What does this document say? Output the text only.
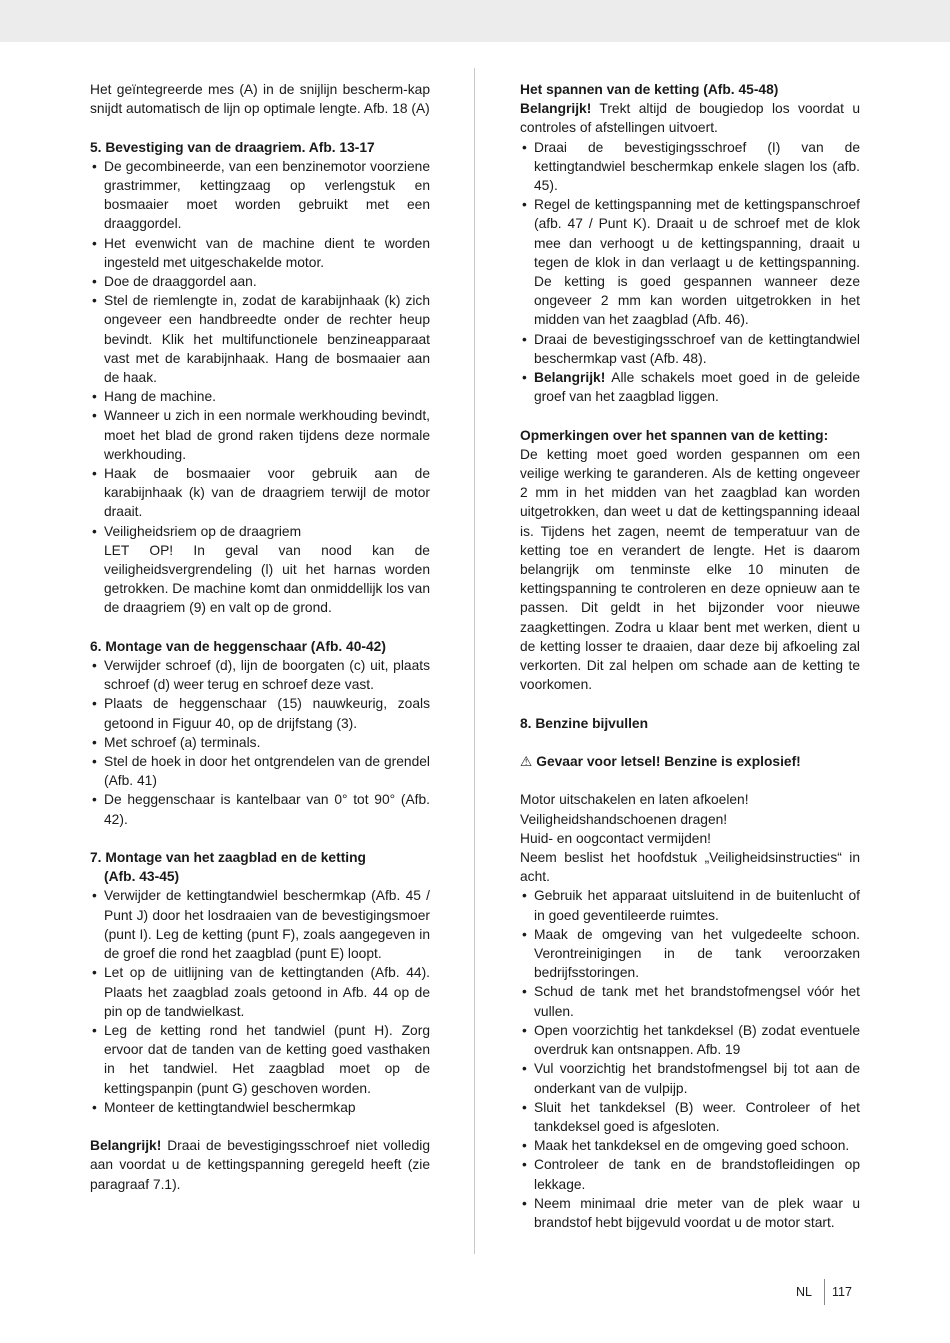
Het geïntegreerde mes (A) in de snijlijn bescherm-kap snijdt automatisch de lijn op optimale lengte. Afb. 18 (A)

5. Bevestiging van de draagriem. Afb. 13-17
• De gecombineerde, van een benzinemotor voorziene grastrimmer, kettingzaag op verlengstuk en bosmaaier moet worden gebruikt met een draaggordel.
• Het evenwicht van de machine dient te worden ingesteld met uitgeschakelde motor.
• Doe de draaggordel aan.
• Stel de riemlengte in, zodat de karabijnhaak (k) zich ongeveer een handbreedte onder de rechter heup bevindt. Klik het multifunctionele benzineapparaat vast met de karabijnhaak. Hang de bosmaaier aan de haak.
• Hang de machine.
• Wanneer u zich in een normale werkhouding bevindt, moet het blad de grond raken tijdens deze normale werkhouding.
• Haak de bosmaaier voor gebruik aan de karabijnhaak (k) van de draagriem terwijl de motor draait.
• Veiligheidsriem op de draagriem
LET OP! In geval van nood kan de veiligheidsvergrendeling (l) uit het harnas worden getrokken. De machine komt dan onmiddellijk los van de draagriem (9) en valt op de grond.
6. Montage van de heggenschaar (Afb. 40-42)
• Verwijder schroef (d), lijn de boorgaten (c) uit, plaats schroef (d) weer terug en schroef deze vast.
• Plaats de heggenschaar (15) nauwkeurig, zoals getoond in Figuur 40, op de drijfstang (3).
• Met schroef (a) terminals.
• Stel de hoek in door het ontgrendelen van de grendel (Afb. 41)
• De heggenschaar is kantelbaar van 0° tot 90° (Afb. 42).
7. Montage van het zaagblad en de ketting
(Afb. 43-45)
• Verwijder de kettingtandwiel beschermkap (Afb. 45 / Punt J) door het losdraaien van de bevestigingsmoer (punt I). Leg de ketting (punt F), zoals aangegeven in de groef die rond het zaagblad (punt E) loopt.
• Let op de uitlijning van de kettingtanden (Afb. 44). Plaats het zaagblad zoals getoond in Afb. 44 op de pin op de tandwielkast.
• Leg de ketting rond het tandwiel (punt H). Zorg ervoor dat de tanden van de ketting goed vasthaken in het tandwiel. Het zaagblad moet op de kettingspanpin (punt G) geschoven worden.
• Monteer de kettingtandwiel beschermkap

Belangrijk! Draai de bevestigingsschroef niet volledig aan voordat u de kettingspanning geregeld heeft (zie paragraaf 7.1).

Het spannen van de ketting (Afb. 45-48)

Belangrijk! Trekt altijd de bougiedop los voordat u controles of afstellingen uitvoert.

• Draai de bevestigingsschroef (I) van de kettingtandwiel beschermkap enkele slagen los (afb. 45).
• Regel de kettingspanning met de kettingspanschroef (afb. 47 / Punt K). Draait u de schroef met de klok mee dan verhoogt u de kettingspanning, draait u tegen de klok in dan verlaagt u de kettingspanning. De ketting is goed gespannen wanneer deze ongeveer 2 mm kan worden uitgetrokken in het midden van het zaagblad (Afb. 46).
• Draai de bevestigingsschroef van de kettingtandwiel beschermkap vast (Afb. 48).
• Belangrijk! Alle schakels moet goed in de geleide groef van het zaagblad liggen.
Opmerkingen over het spannen van de ketting:

De ketting moet goed worden gespannen om een veilige werking te garanderen. Als de ketting ongeveer 2 mm in het midden van het zaagblad kan worden uitgetrokken, dan weet u dat de kettingspanning ideaal is. Tijdens het zagen, neemt de temperatuur van de ketting toe en verandert de lengte. Het is daarom belangrijk om tenminste elke 10 minuten de kettingspanning te controleren en deze opnieuw aan te passen. Dit geldt in het bijzonder voor nieuwe zaagkettingen. Zodra u klaar bent met werken, dient u de ketting losser te draaien, daar deze bij afkoeling zal verkorten. Dit zal helpen om schade aan de ketting te voorkomen.

8. Benzine bijvullen
⚠ Gevaar voor letsel! Benzine is explosief!

Motor uitschakelen en laten afkoelen!

Veiligheidshandschoenen dragen!

Huid- en oogcontact vermijden!

Neem beslist het hoofdstuk „Veiligheidsinstructies“ in acht.

• Gebruik het apparaat uitsluitend in de buitenlucht of in goed geventileerde ruimtes.
• Maak de omgeving van het vulgedeelte schoon. Verontreinigingen in de tank veroorzaken bedrijfsstoringen.
• Schud de tank met het brandstofmengsel vóór het vullen.
• Open voorzichtig het tankdeksel (B) zodat eventuele overdruk kan ontsnappen. Afb. 19
• Vul voorzichtig het brandstofmengsel bij tot aan de onderkant van de vulpijp.
• Sluit het tankdeksel (B) weer. Controleer of het tankdeksel goed is afgesloten.
• Maak het tankdeksel en de omgeving goed schoon.
• Controleer de tank en de brandstofleidingen op lekkage.
• Neem minimaal drie meter van de plek waar u brandstof hebt bijgevuld voordat u de motor start.
NL 117
